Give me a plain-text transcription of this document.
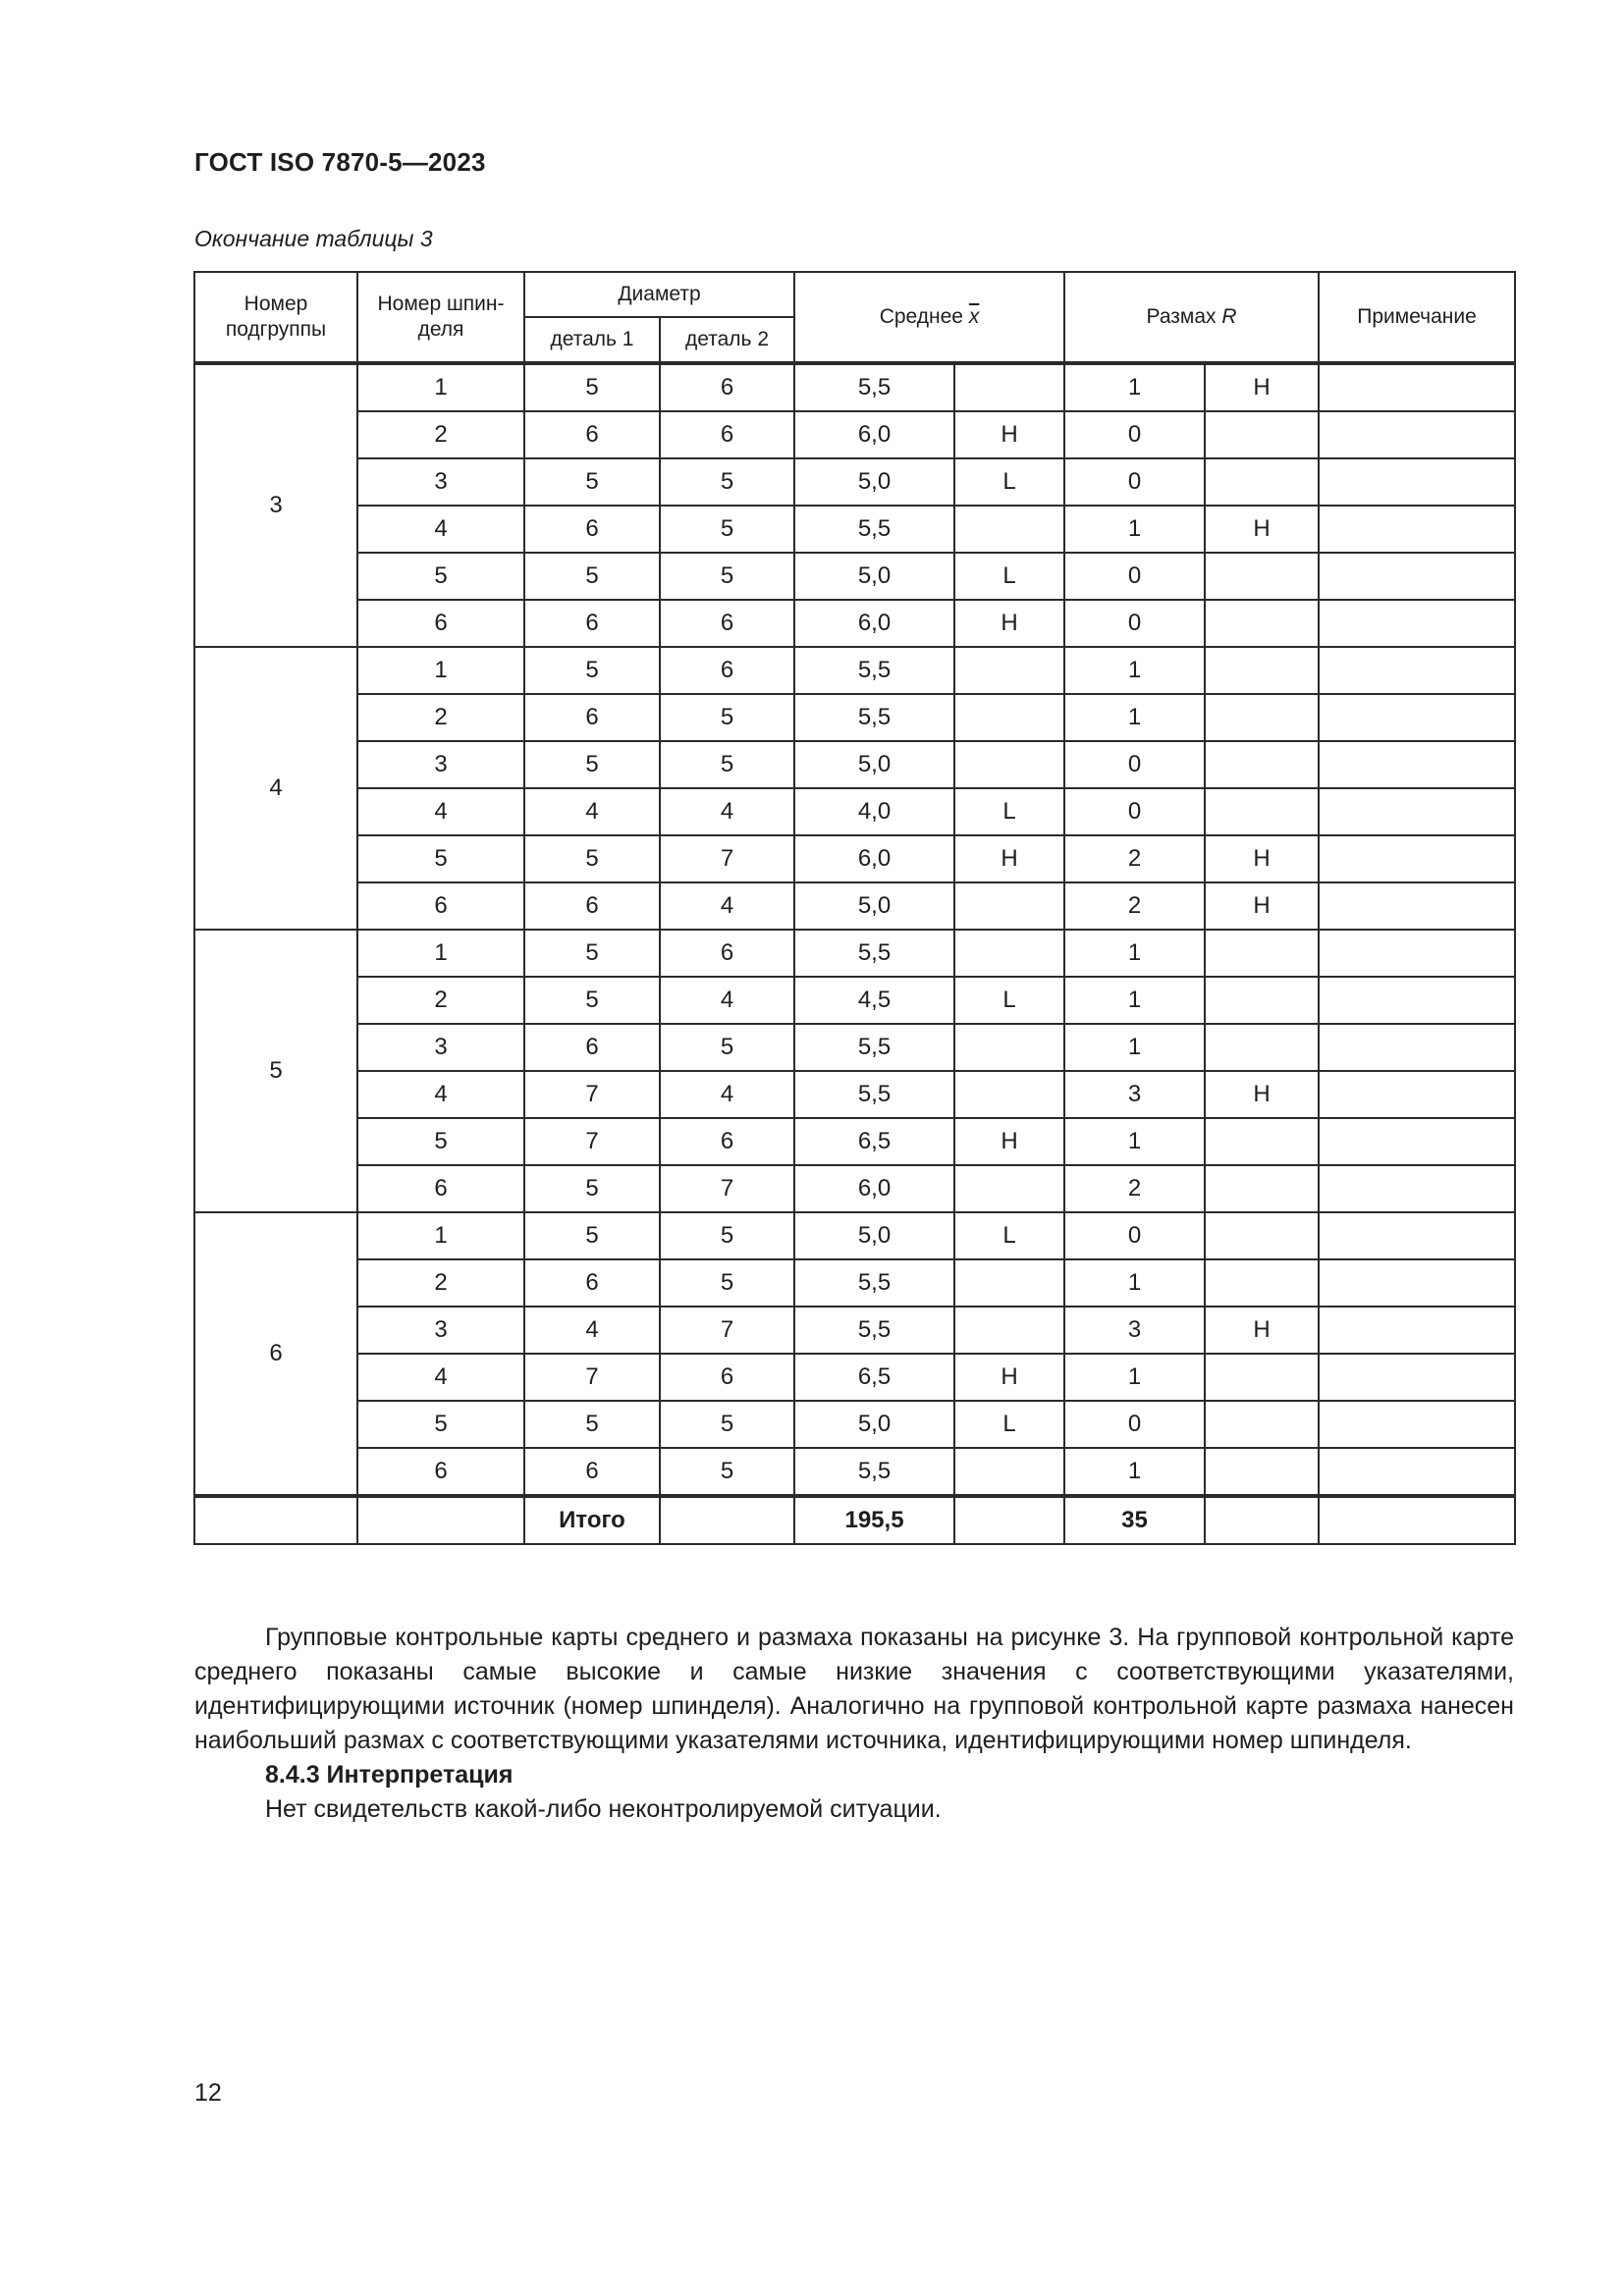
ГОСТ ISO 7870-5—2023
Окончание таблицы 3
Номер подгруппы	Номер шпин-деля	Диаметр		Среднее $\overline{x}$		Размах R		Примечание
		деталь 1	деталь 2					
3	1	5	6	5,5		1	H	
	2	6	6	6,0	H	0		
	3	5	5	5,0	L	0		
	4	6	5	5,5		1	H	
	5	5	5	5,0	L	0		
	6	6	6	6,0	H	0		
4	1	5	6	5,5		1		
	2	6	5	5,5		1		
	3	5	5	5,0		0		
	4	4	4	4,0	L	0		
	5	5	7	6,0	H	2	H	
	6	6	4	5,0		2	H	
5	1	5	6	5,5		1		
	2	5	4	4,5	L	1		
	3	6	5	5,5		1		
	4	7	4	5,5		3	H	
	5	7	6	6,5	H	1		
	6	5	7	6,0		2		
6	1	5	5	5,0	L	0		
	2	6	5	5,5		1		
	3	4	7	5,5		3	H	
	4	7	6	6,5	H	1		
	5	5	5	5,0	L	0		
	6	6	5	5,5		1		
		Итого		195,5		35		

Групповые контрольные карты среднего и размаха показаны на рисунке 3. На групповой контрольной карте среднего показаны самые высокие и самые низкие значения с соответствующими указателями, идентифицирующими источник (номер шпинделя). Аналогично на групповой контрольной карте размаха нанесен наибольший размах с соответствующими указателями источника, идентифицирующими номер шпинделя.

8.4.3 Интерпретация

Нет свидетельств какой-либо неконтролируемой ситуации.

12
